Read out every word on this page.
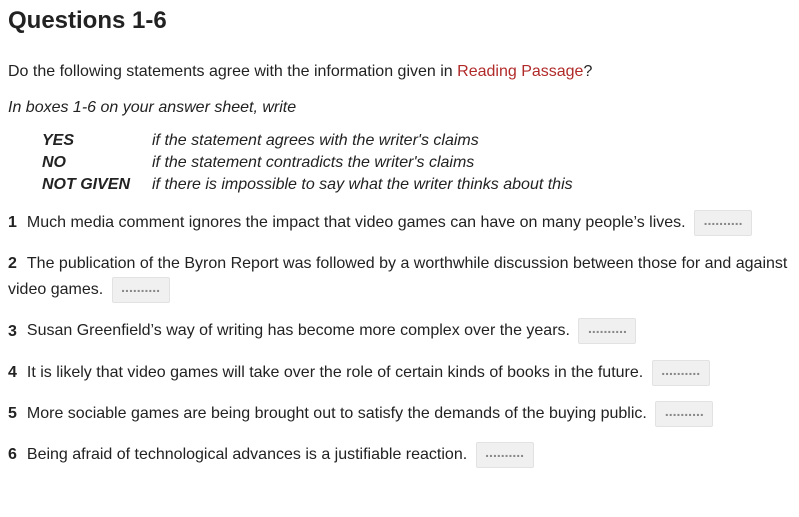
Questions 1-6
Do the following statements agree with the information given in Reading Passage?
In boxes 1-6 on your answer sheet, write
YES	if the statement agrees with the writer's claims
NO	if the statement contradicts the writer's claims
NOT GIVEN	if there is impossible to say what the writer thinks about this
1 Much media comment ignores the impact that video games can have on many people’s lives. ..........
2 The publication of the Byron Report was followed by a worthwhile discussion between those for and against video games. ..........
3 Susan Greenfield’s way of writing has become more complex over the years. ..........
4 It is likely that video games will take over the role of certain kinds of books in the future. ..........
5 More sociable games are being brought out to satisfy the demands of the buying public. ..........
6 Being afraid of technological advances is a justifiable reaction. ..........
